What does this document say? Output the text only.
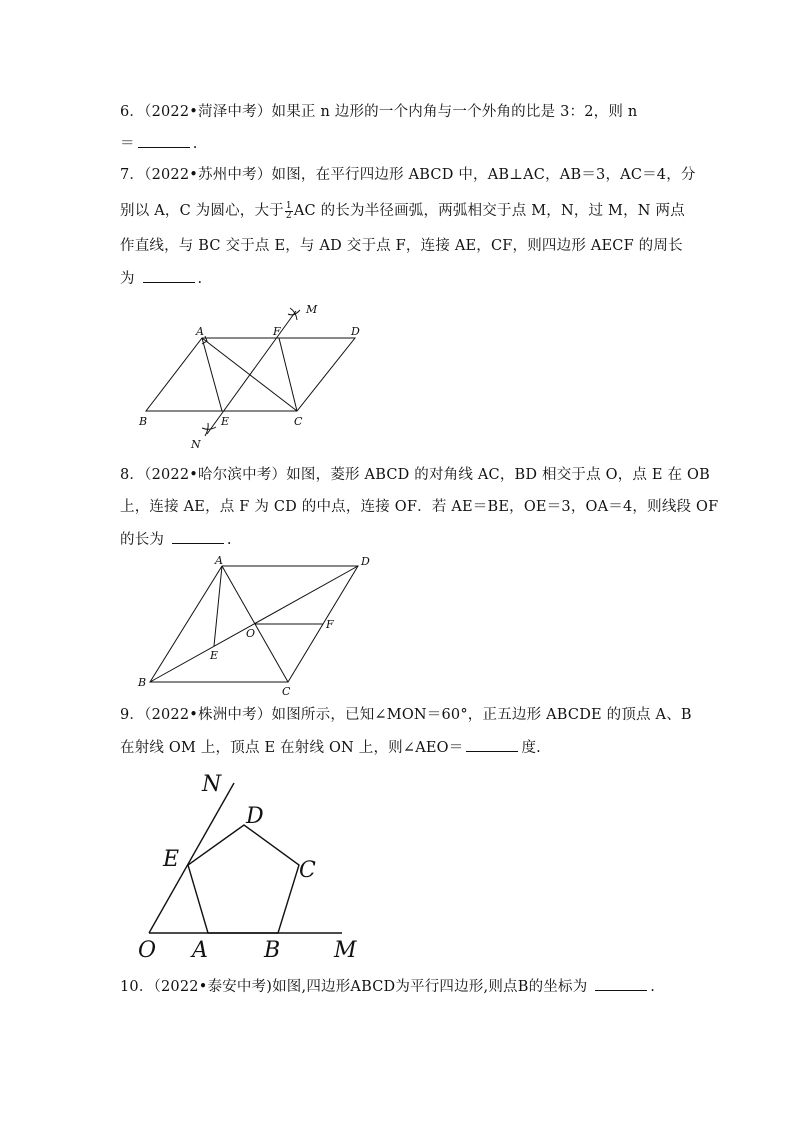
6．（2022•菏泽中考）如果正 n 边形的一个内角与一个外角的比是 3：2，则 n
＝	.
7．（2022•苏州中考）如图，在平行四边形 ABCD 中，AB⊥AC，AB＝3，AC＝4，分
别以 A，C 为圆心，大于 $\frac{1}{2}$ AC 的长为半径画弧，两弧相交于点 M，N，过 M，N 两点
作直线，与 BC 交于点 E，与 AD 交于点 F，连接 AE，CF，则四边形 AECF 的周长
为	.
A	F	D
M
B	E	C
N
8．（2022•哈尔滨中考）如图，菱形 ABCD 的对角线 AC，BD 相交于点 O，点 E 在 OB
上，连接 AE，点 F 为 CD 的中点，连接 OF．若 AE＝BE，OE＝3，OA＝4，则线段 OF
的长为	.
A	D
O
F
E
B
C
9．（2022•株洲中考）如图所示，已知∠MON＝60°，正五边形 ABCDE 的顶点 A、B
在射线 OM 上，顶点 E 在射线 ON 上，则∠AEO＝	度.
N
D
E	C
O A	B M
10．（2022•泰安中考)如图,四边形ABCD为平行四边形,则点B的坐标为	.
